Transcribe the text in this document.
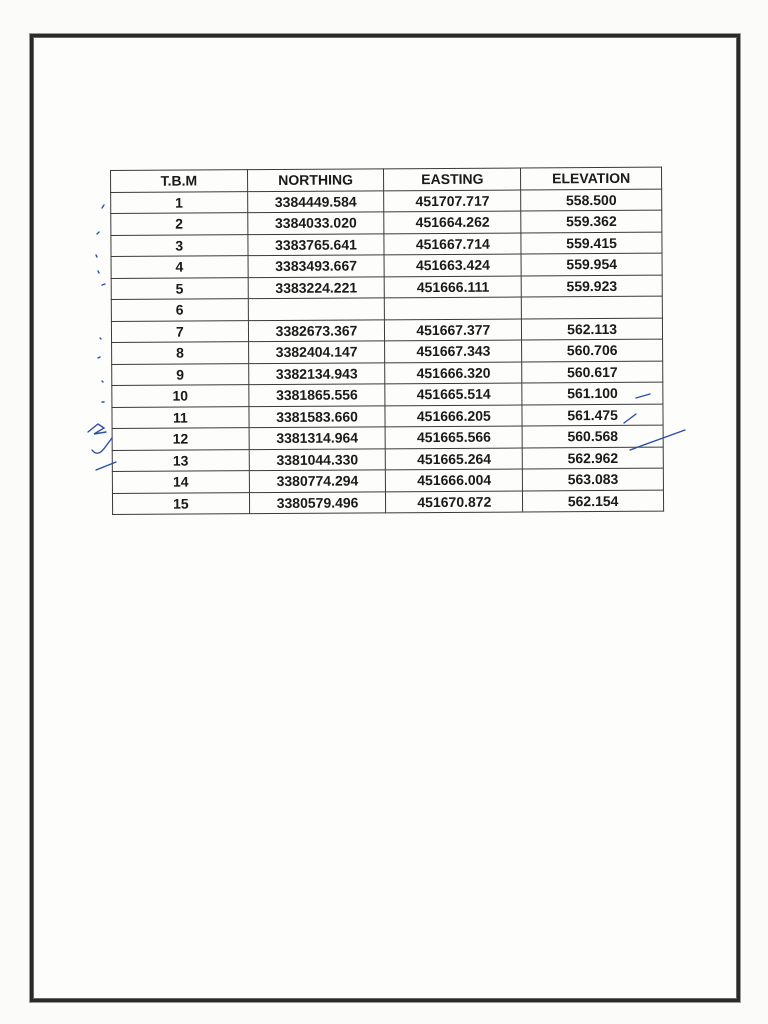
T.B.M	NORTHING	EASTING	ELEVATION
1	3384449.584	451707.717	558.500
2	3384033.020	451664.262	559.362
3	3383765.641	451667.714	559.415
4	3383493.667	451663.424	559.954
5	3383224.221	451666.111	559.923
6			
7	3382673.367	451667.377	562.113
8	3382404.147	451667.343	560.706
9	3382134.943	451666.320	560.617
10	3381865.556	451665.514	561.100
11	3381583.660	451666.205	561.475
12	3381314.964	451665.566	560.568
13	3381044.330	451665.264	562.962
14	3380774.294	451666.004	563.083
15	3380579.496	451670.872	562.154
